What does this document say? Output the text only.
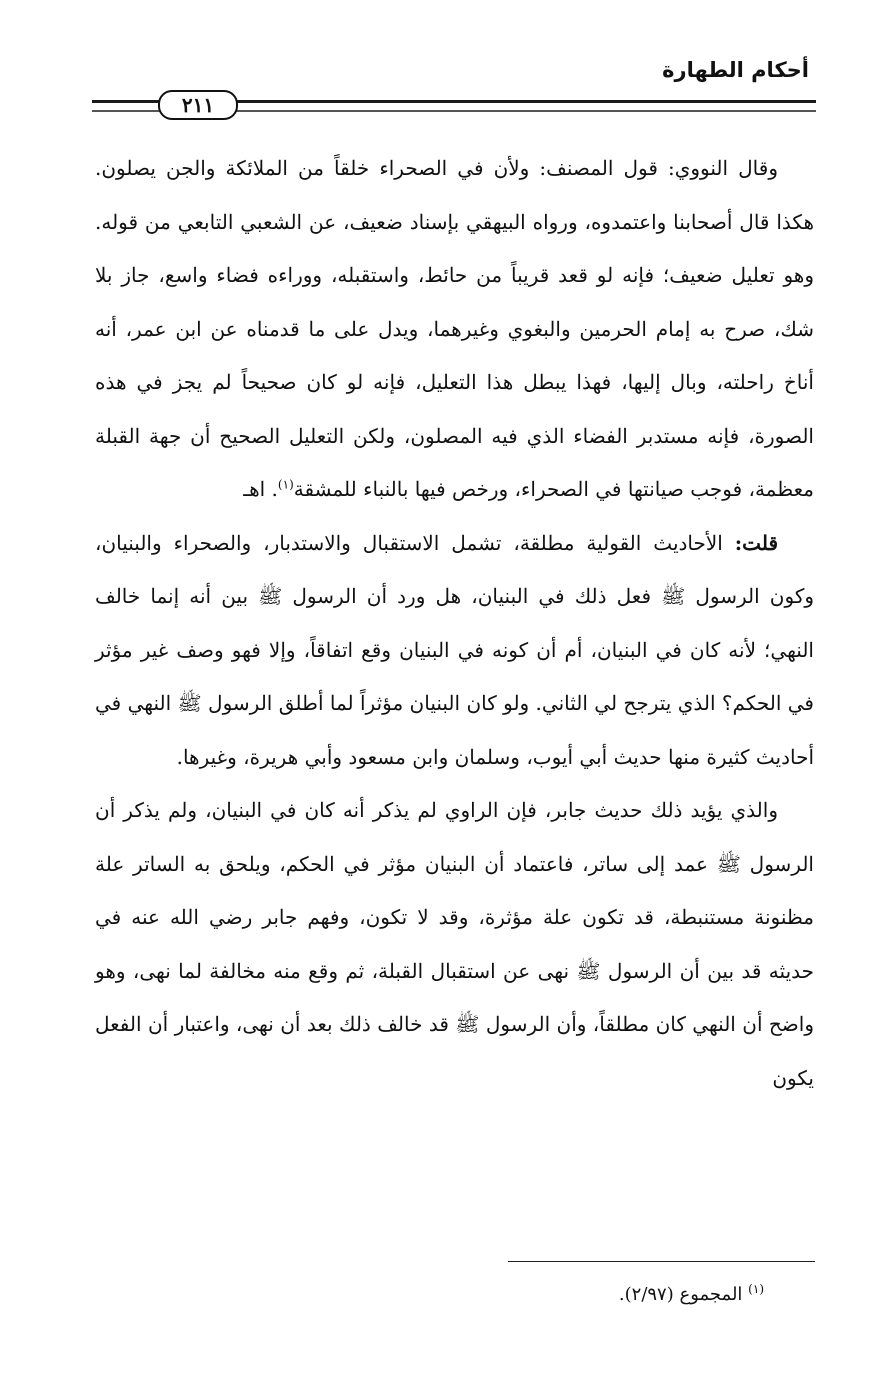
أحكام الطهارة
٢١١

وقال النووي: قول المصنف: ولأن في الصحراء خلقاً من الملائكة والجن يصلون. هكذا قال أصحابنا واعتمدوه، ورواه البيهقي بإسناد ضعيف، عن الشعبي التابعي من قوله. وهو تعليل ضعيف؛ فإنه لو قعد قريباً من حائط، واستقبله، ووراءه فضاء واسع، جاز بلا شك، صرح به إمام الحرمين والبغوي وغيرهما، ويدل على ما قدمناه عن ابن عمر، أنه أناخ راحلته، وبال إليها، فهذا يبطل هذا التعليل، فإنه لو كان صحيحاً لم يجز في هذه الصورة، فإنه مستدبر الفضاء الذي فيه المصلون، ولكن التعليل الصحيح أن جهة القبلة معظمة، فوجب صيانتها في الصحراء، ورخص فيها بالنباء للمشقة$^{(١)}$. اهـ

قلت: الأحاديث القولية مطلقة، تشمل الاستقبال والاستدبار، والصحراء والبنيان، وكون الرسول ﷺ فعل ذلك في البنيان، هل ورد أن الرسول ﷺ بين أنه إنما خالف النهي؛ لأنه كان في البنيان، أم أن كونه في البنيان وقع اتفاقاً، وإلا فهو وصف غير مؤثر في الحكم؟ الذي يترجح لي الثاني. ولو كان البنيان مؤثراً لما أطلق الرسول ﷺ النهي في أحاديث كثيرة منها حديث أبي أيوب، وسلمان وابن مسعود وأبي هريرة، وغيرها.

والذي يؤيد ذلك حديث جابر، فإن الراوي لم يذكر أنه كان في البنيان، ولم يذكر أن الرسول ﷺ عمد إلى ساتر، فاعتماد أن البنيان مؤثر في الحكم، ويلحق به الساتر علة مظنونة مستنبطة، قد تكون علة مؤثرة، وقد لا تكون، وفهم جابر رضي الله عنه في حديثه قد بين أن الرسول ﷺ نهى عن استقبال القبلة، ثم وقع منه مخالفة لما نهى، وهو واضح أن النهي كان مطلقاً، وأن الرسول ﷺ قد خالف ذلك بعد أن نهى، واعتبار أن الفعل يكون

$^{(١)}$ المجموع (٢/٩٧).
